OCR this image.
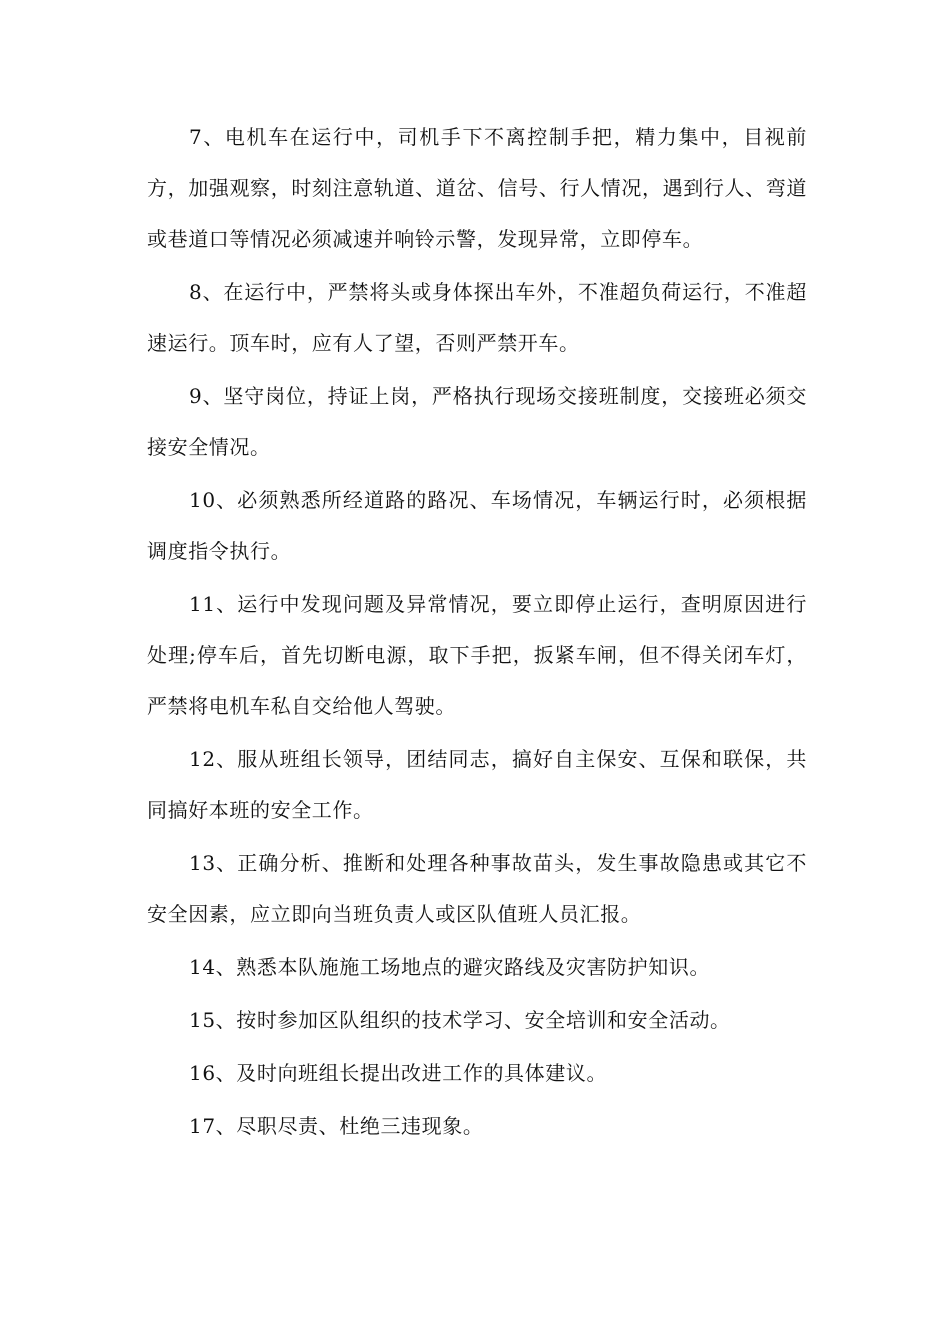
7、电机车在运行中，司机手下不离控制手把，精力集中，目视前方，加强观察，时刻注意轨道、道岔、信号、行人情况，遇到行人、弯道或巷道口等情况必须减速并响铃示警，发现异常，立即停车。

8、在运行中，严禁将头或身体探出车外，不准超负荷运行，不准超速运行。顶车时，应有人了望，否则严禁开车。

9、坚守岗位，持证上岗，严格执行现场交接班制度，交接班必须交接安全情况。

10、必须熟悉所经道路的路况、车场情况，车辆运行时，必须根据调度指令执行。

11、运行中发现问题及异常情况，要立即停止运行，查明原因进行处理;停车后，首先切断电源，取下手把，扳紧车闸，但不得关闭车灯，严禁将电机车私自交给他人驾驶。

12、服从班组长领导，团结同志，搞好自主保安、互保和联保，共同搞好本班的安全工作。

13、正确分析、推断和处理各种事故苗头，发生事故隐患或其它不安全因素，应立即向当班负责人或区队值班人员汇报。

14、熟悉本队施施工场地点的避灾路线及灾害防护知识。

15、按时参加区队组织的技术学习、安全培训和安全活动。

16、及时向班组长提出改进工作的具体建议。

17、尽职尽责、杜绝三违现象。
